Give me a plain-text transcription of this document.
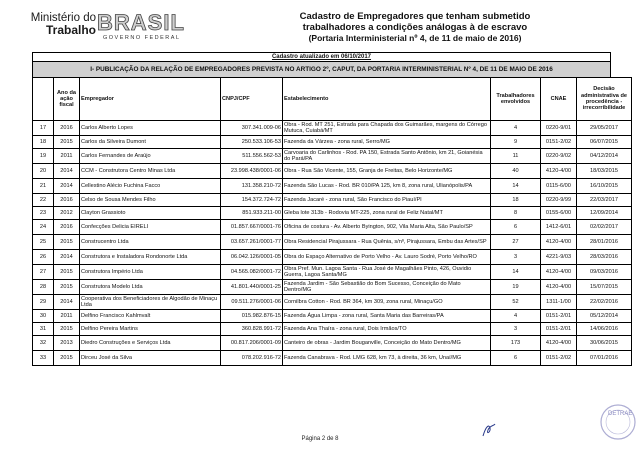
Ministério do
Trabalho BRASIL
GOVERNO FEDERAL
Cadastro de Empregadores que tenham submetido
trabalhadores a condições análogas à de escravo
(Portaria Interministerial nº 4, de 11 de maio de 2016)
Cadastro atualizado em 06/10/2017
I- PUBLICAÇÃO DA RELAÇÃO DE EMPREGADORES PREVISTA NO ARTIGO 2º, CAPUT, DA PORTARIA INTERMINISTERIAL Nº 4, DE 11 DE MAIO DE 2016
	Ano da ação fiscal	Empregador	CNPJ/CPF	Estabelecimento	Trabalhadores envolvidos	CNAE	Decisão administrativa de procedência - irrecorribilidade
17	2016	Carlos Alberto Lopes	307.341.009-06	Obra - Rod. MT 251, Estrada para Chapada dos Guimarães, margens do Córrego Mutuca, Cuiabá/MT	4	0220-9/01	29/05/2017
18	2015	Carlos da Silveira Dumont	250.533.106-53	Fazenda da Várzea - zona rural, Serro/MG	9	0151-2/02	06/07/2015
19	2011	Carlos Fernandes de Araújo	511.556.562-53	Carvoaria do Carlinhos - Rod. PA 150, Estrada Santo Antônio, km 21, Goianésia do Pará/PA	11	0220-9/02	04/12/2014
20	2014	CCM - Construtora Centro Minas Ltda	23.998.438/0001-06	Obra - Rua São Vicente, 155, Granja de Freitas, Belo Horizonte/MG	40	4120-4/00	18/03/2015
21	2014	Cellestino Alécio Fuchina Facco	131.358.210-72	Fazenda São Lucas - Rod. BR 010/PA 125, km 8, zona rural, Ulianópolis/PA	14	0115-6/00	16/10/2015
22	2016	Celso de Sousa Mendes Filho	154.372.724-72	Fazenda Jacaré - zona rural, São Francisco do Piauí/PI	18	0220-9/99	22/03/2017
23	2012	Clayton Grassioto	851.933.211-00	Gleba lote 313b - Rodovia MT-225, zona rural de Feliz Natal/MT	8	0155-6/00	12/09/2014
24	2016	Confecções Delicia EIRELI	01.857.667/0001-76	Oficina de costura - Av. Alberto Byington, 902, Vila Maria Alta, São Paulo/SP	6	1412-6/01	02/02/2017
25	2015	Construcentro Ltda	03.657.261/0001-77	Obra Residencial Pirajussara - Rua Quênia, s/nº, Pirajussara, Embu das Artes/SP	27	4120-4/00	28/01/2016
26	2014	Construtora e Instaladora Rondonorte Ltda	06.042.126/0001-05	Obra do Espaço Alternativo de Porto Velho - Av. Lauro Sodré, Porto Velho/RO	3	4221-9/03	28/03/2016
27	2015	Construtora Império Ltda	04.565.082/0001-72	Obra Pref. Mun. Lagoa Santa - Rua José de Magalhães Pinto, 426, Ouvidio Guerra, Lagoa Santa/MG	14	4120-4/00	09/03/2016
28	2015	Construtora Modelo Ltda	41.801.440/0001-25	Fazenda Jardim - São Sebastião do Bom Sucesso, Conceição do Mato Dentro/MG	19	4120-4/00	15/07/2015
29	2014	Cooperativa dos Beneficiadores de Algodão de Minaçu Ltda	09.511.276/0001-06	Cornilbra Cotton - Rod. BR 364, km 309, zona rural, Minaçu/GO	52	1311-1/00	22/02/2016
30	2011	Delfino Francisco Kahlmvalt	015.982.876-15	Fazenda Água Limpa - zona rural, Santa Maria das Barreiras/PA	4	0151-2/01	05/12/2014
31	2015	Delfino Pereira Martins	360.828.991-72	Fazenda Ana Thaíra - zona rural, Dois Irmãos/TO	3	0151-2/01	14/06/2016
32	2013	Diedro Construções e Serviços Ltda	00.817.206/0001-09	Canteiro de obras - Jardim Bouganville, Conceição do Mato Dentro/MG	173	4120-4/00	30/06/2015
33	2015	Dirceu José da Silva	078.202.916-72	Fazenda Canabrava - Rod. LMG 628, km 73, à direita, 36 km, Unaí/MG	6	0151-2/02	07/01/2016
DETRAE
Página 2 de 8
